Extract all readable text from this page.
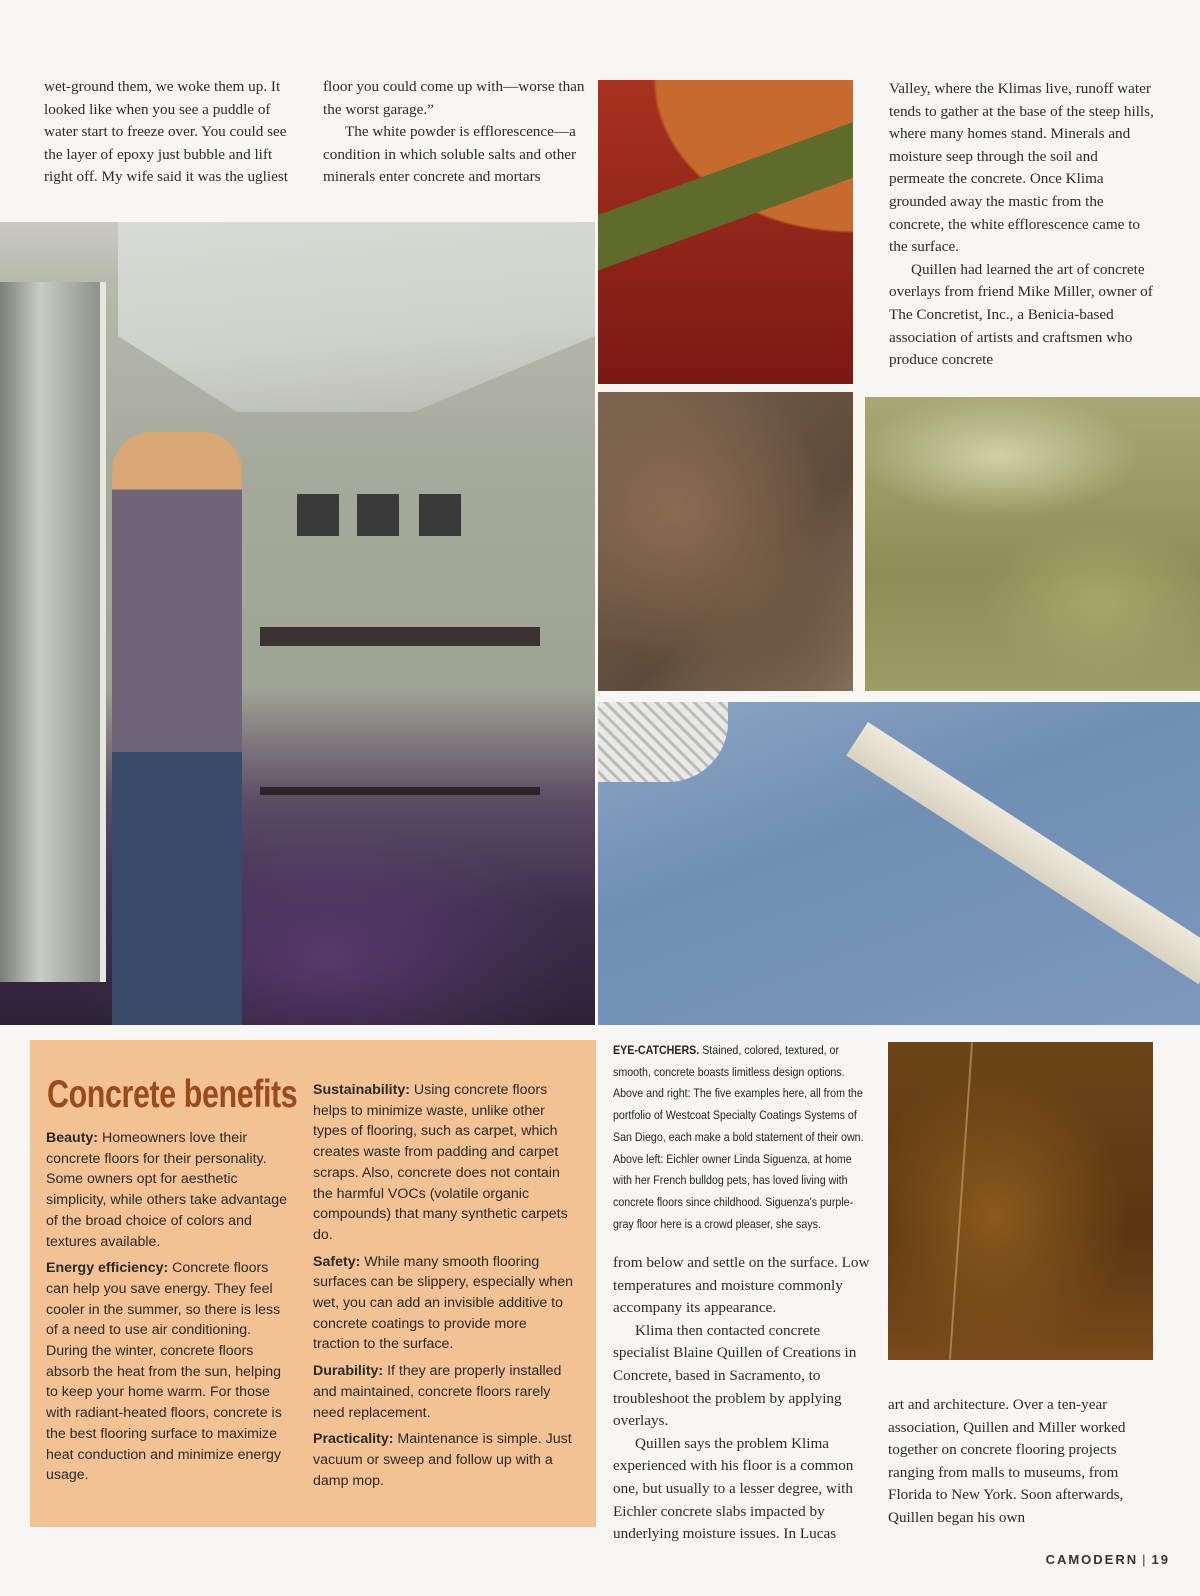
wet-ground them, we woke them up. It looked like when you see a puddle of water start to freeze over. You could see the layer of epoxy just bubble and lift right off. My wife said it was the ugliest

floor you could come up with—worse than the worst garage.”

The white powder is efflorescence—a condition in which soluble salts and other minerals enter concrete and mortars

Valley, where the Klimas live, runoff water tends to gather at the base of the steep hills, where many homes stand. Minerals and moisture seep through the soil and permeate the concrete. Once Klima grounded away the mastic from the concrete, the white efflorescence came to the surface.

Quillen had learned the art of concrete overlays from friend Mike Miller, owner of The Concretist, Inc., a Benicia-based association of artists and craftsmen who produce concrete

Concrete benefits

Beauty: Homeowners love their concrete floors for their personality. Some owners opt for aesthetic simplicity, while others take advantage of the broad choice of colors and textures available.

Energy efficiency: Concrete floors can help you save energy. They feel cooler in the summer, so there is less of a need to use air conditioning. During the winter, concrete floors absorb the heat from the sun, helping to keep your home warm. For those with radiant-heated floors, concrete is the best flooring surface to maximize heat conduction and minimize energy usage.

Sustainability: Using concrete floors helps to minimize waste, unlike other types of flooring, such as carpet, which creates waste from padding and carpet scraps. Also, concrete does not contain the harmful VOCs (volatile organic compounds) that many synthetic carpets do.

Safety: While many smooth flooring surfaces can be slippery, especially when wet, you can add an invisible additive to concrete coatings to provide more traction to the surface.

Durability: If they are properly installed and maintained, concrete floors rarely need replacement.

Practicality: Maintenance is simple. Just vacuum or sweep and follow up with a damp mop.

EYE-CATCHERS. Stained, colored, textured, or smooth, concrete boasts limitless design options. Above and right: The five examples here, all from the portfolio of Westcoat Specialty Coatings Systems of San Diego, each make a bold statement of their own. Above left: Eichler owner Linda Siguenza, at home with her French bulldog pets, has loved living with concrete floors since childhood. Siguenza's purple-gray floor here is a crowd pleaser, she says.

from below and settle on the surface. Low temperatures and moisture commonly accompany its appearance.

Klima then contacted concrete specialist Blaine Quillen of Creations in Concrete, based in Sacramento, to troubleshoot the problem by applying overlays.

Quillen says the problem Klima experienced with his floor is a common one, but usually to a lesser degree, with Eichler concrete slabs impacted by underlying moisture issues. In Lucas

art and architecture. Over a ten-year association, Quillen and Miller worked together on concrete flooring projects ranging from malls to museums, from Florida to New York. Soon afterwards, Quillen began his own

CAMODERN | 19
